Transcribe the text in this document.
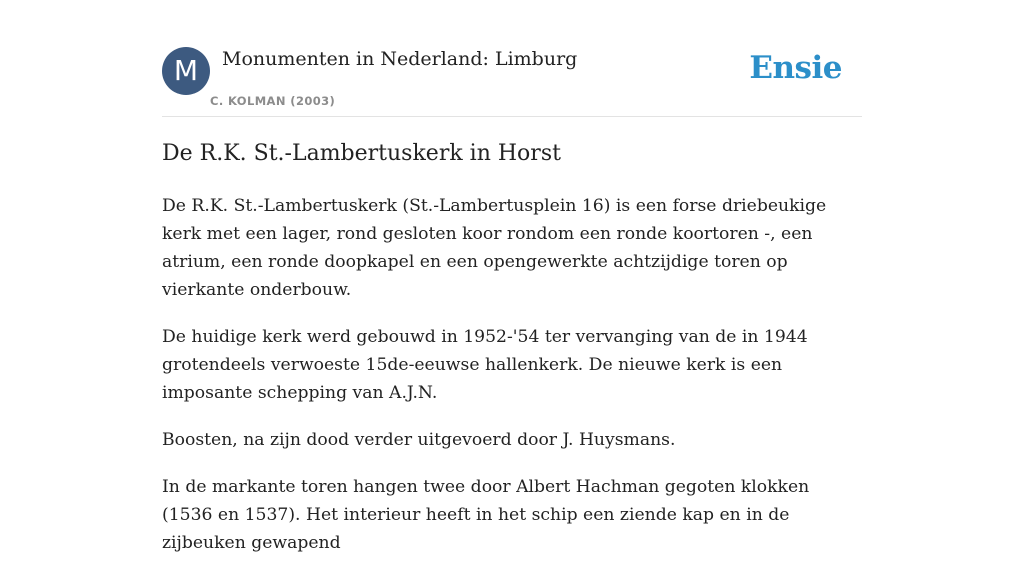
M	Monumenten in Nederland: Limburg
C. KOLMAN (2003)
Ensie
De R.K. St.-Lambertuskerk in Horst

De R.K. St.-Lambertuskerk (St.-Lambertusplein 16) is een forse driebeukige kerk met een lager, rond gesloten koor rondom een ronde koortoren -, een atrium, een ronde doopkapel en een opengewerkte achtzijdige toren op vierkante onderbouw.

De huidige kerk werd gebouwd in 1952-'54 ter vervanging van de in 1944 grotendeels verwoeste 15de-eeuwse hallenkerk. De nieuwe kerk is een imposante schepping van A.J.N.

Boosten, na zijn dood verder uitgevoerd door J. Huysmans.

In de markante toren hangen twee door Albert Hachman gegoten klokken (1536 en 1537). Het interieur heeft in het schip een ziende kap en in de zijbeuken gewapend
